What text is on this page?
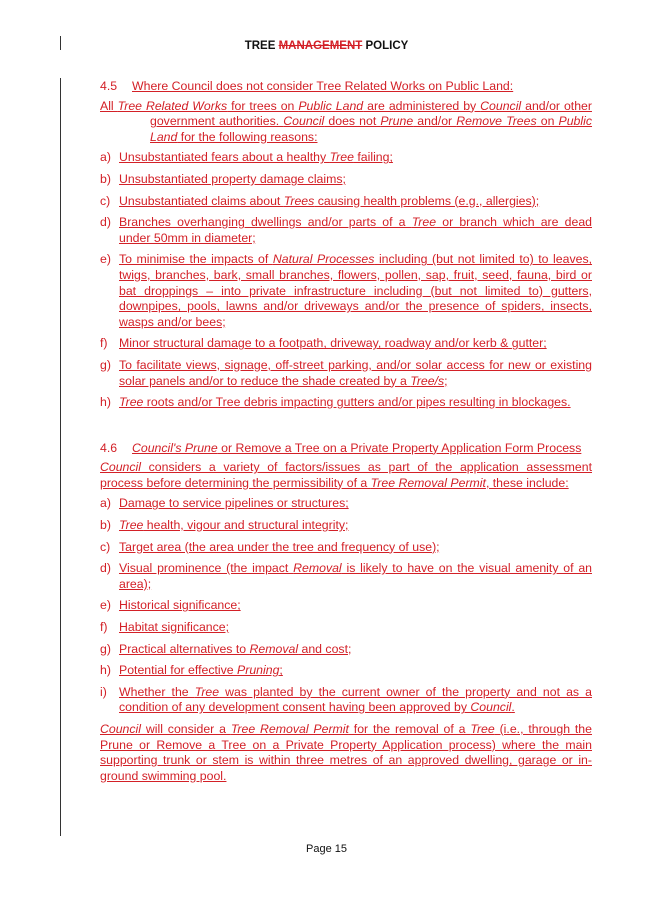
TREE MANAGEMENT POLICY
4.5 Where Council does not consider Tree Related Works on Public Land:
All Tree Related Works for trees on Public Land are administered by Council and/or other government authorities. Council does not Prune and/or Remove Trees on Public Land for the following reasons:
a) Unsubstantiated fears about a healthy Tree failing;
b) Unsubstantiated property damage claims;
c) Unsubstantiated claims about Trees causing health problems (e.g., allergies);
d) Branches overhanging dwellings and/or parts of a Tree or branch which are dead under 50mm in diameter;
e) To minimise the impacts of Natural Processes including (but not limited to) to leaves, twigs, branches, bark, small branches, flowers, pollen, sap, fruit, seed, fauna, bird or bat droppings – into private infrastructure including (but not limited to) gutters, downpipes, pools, lawns and/or driveways and/or the presence of spiders, insects, wasps and/or bees;
f) Minor structural damage to a footpath, driveway, roadway and/or kerb & gutter;
g) To facilitate views, signage, off-street parking, and/or solar access for new or existing solar panels and/or to reduce the shade created by a Tree/s;
h) Tree roots and/or Tree debris impacting gutters and/or pipes resulting in blockages.
4.6 Council's Prune or Remove a Tree on a Private Property Application Form Process
Council considers a variety of factors/issues as part of the application assessment process before determining the permissibility of a Tree Removal Permit, these include:
a) Damage to service pipelines or structures;
b) Tree health, vigour and structural integrity;
c) Target area (the area under the tree and frequency of use);
d) Visual prominence (the impact Removal is likely to have on the visual amenity of an area);
e) Historical significance;
f) Habitat significance;
g) Practical alternatives to Removal and cost;
h) Potential for effective Pruning;
i) Whether the Tree was planted by the current owner of the property and not as a condition of any development consent having been approved by Council.
Council will consider a Tree Removal Permit for the removal of a Tree (i.e., through the Prune or Remove a Tree on a Private Property Application process) where the main supporting trunk or stem is within three metres of an approved dwelling, garage or in-ground swimming pool.
Page 15
